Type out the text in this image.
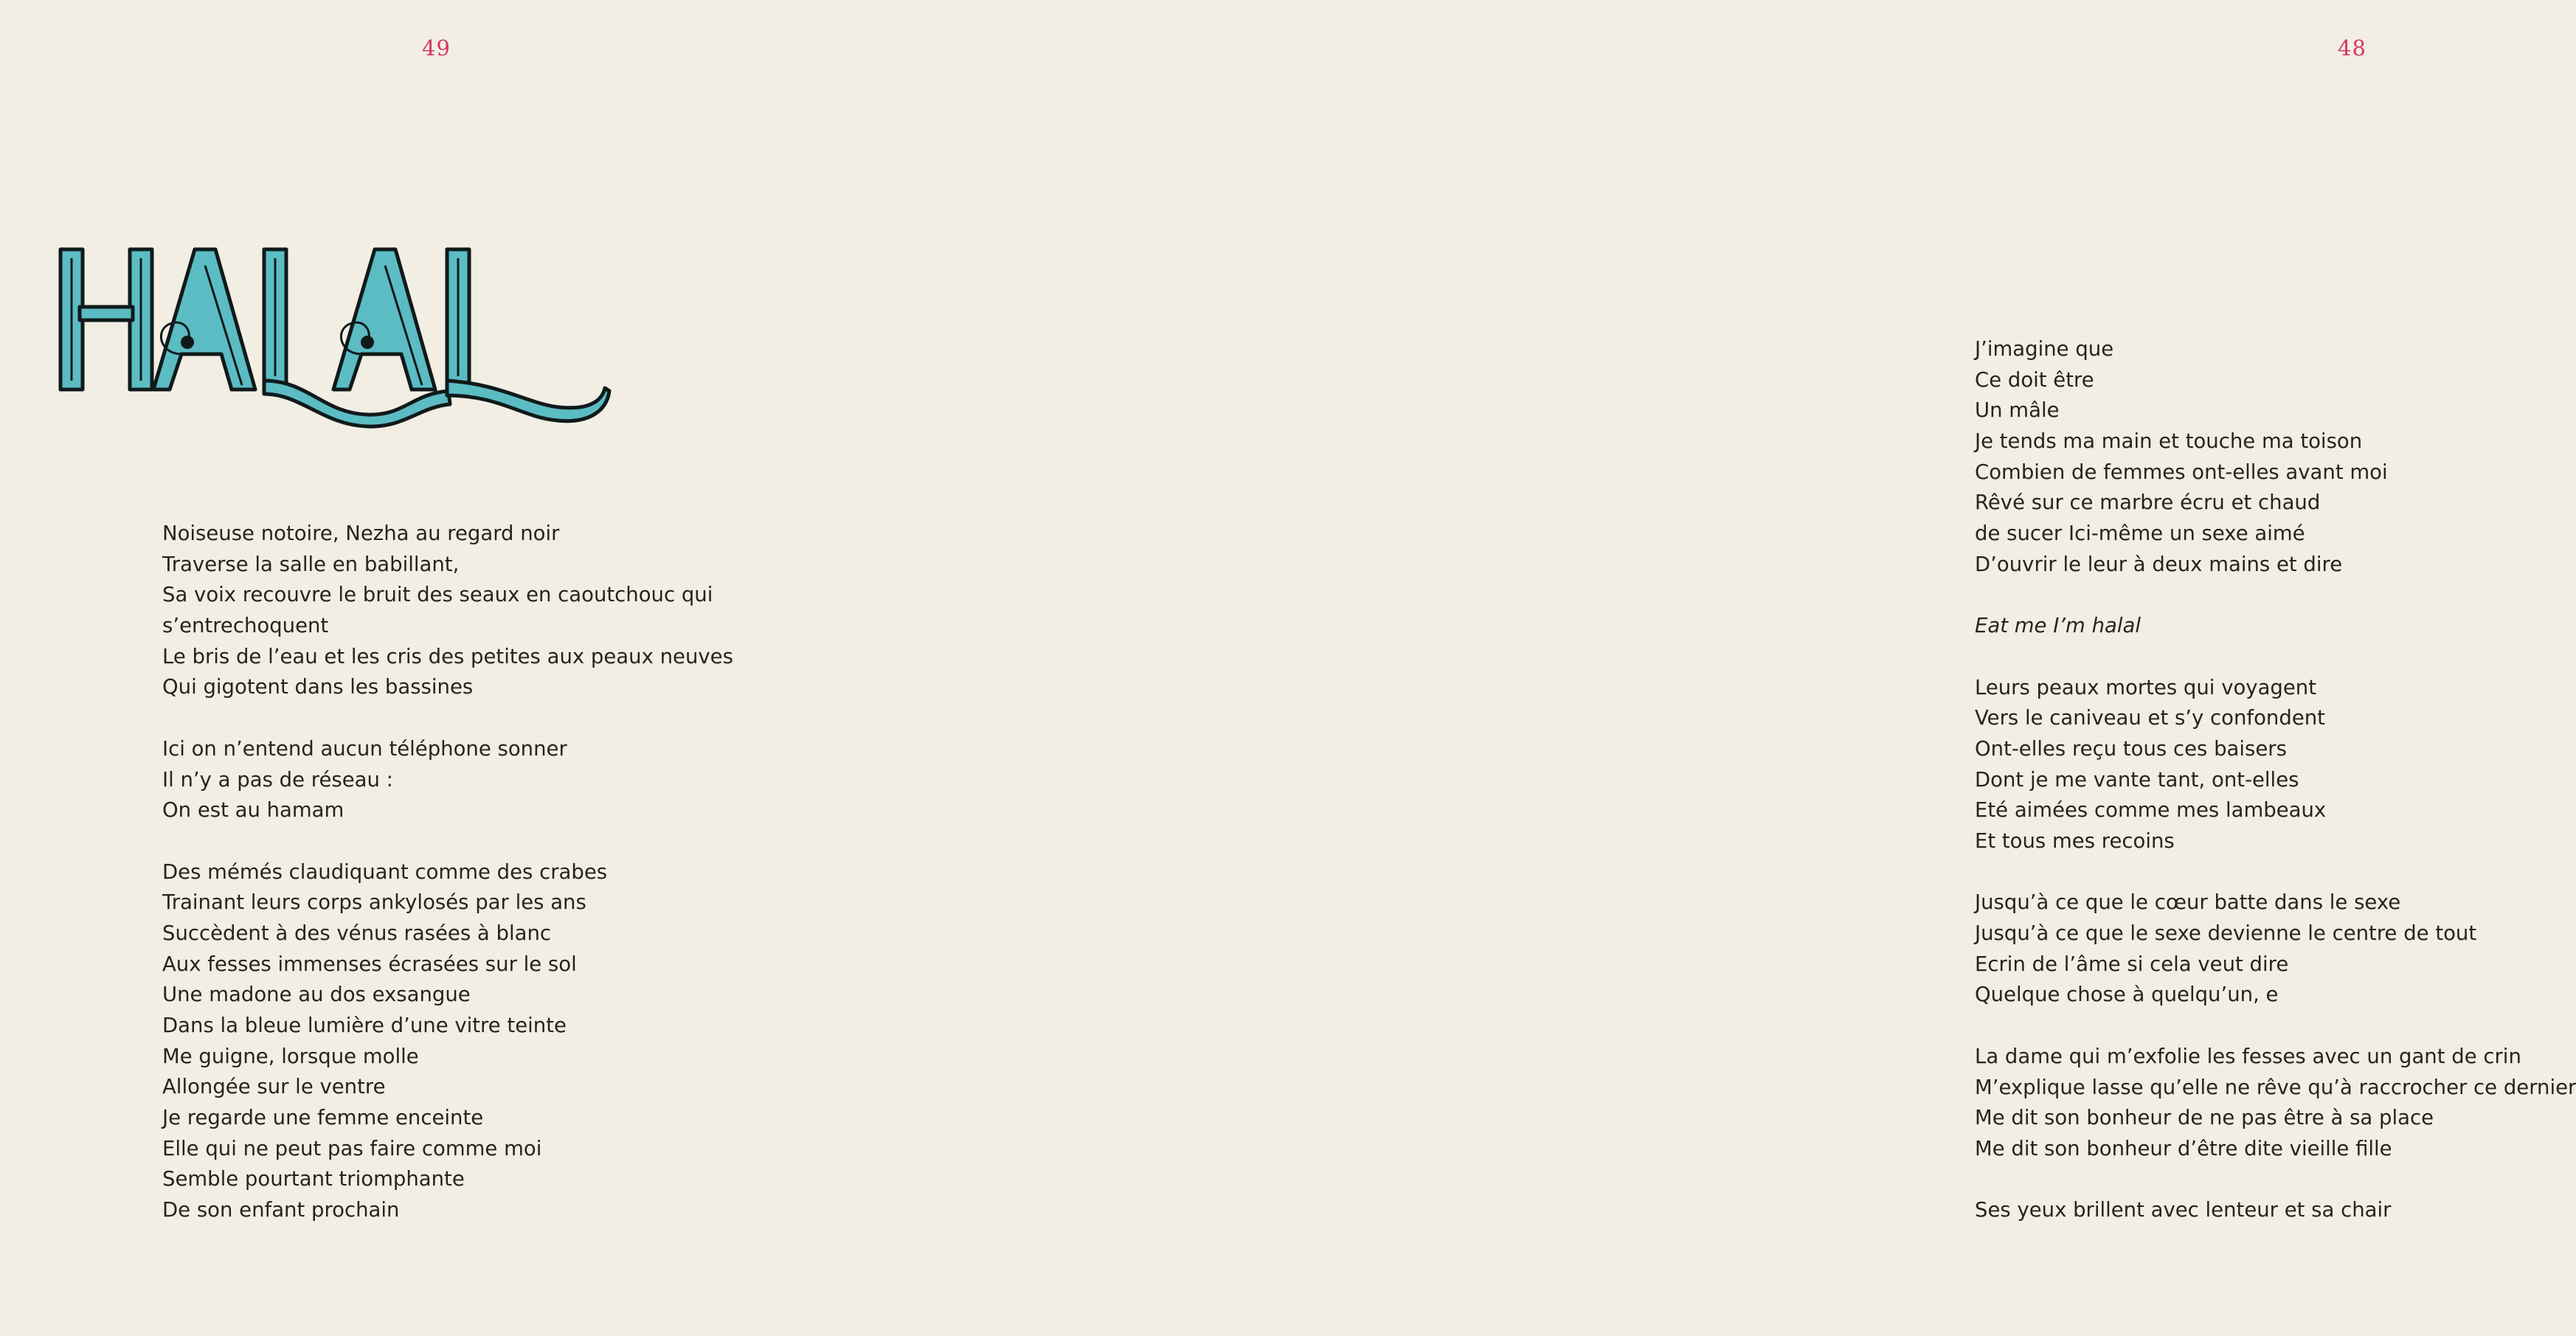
49
Noiseuse notoire, Nezha au regard noir
Traverse la salle en babillant,
Sa voix recouvre le bruit des seaux en caoutchouc qui
s’entrechoquent
Le bris de l’eau et les cris des petites aux peaux neuves
Qui gigotent dans les bassines
Ici on n’entend aucun téléphone sonner
Il n’y a pas de réseau :
On est au hamam
Des mémés claudiquant comme des crabes
Trainant leurs corps ankylosés par les ans
Succèdent à des vénus rasées à blanc
Aux fesses immenses écrasées sur le sol
Une madone au dos exsangue
Dans la bleue lumière d’une vitre teinte
Me guigne, lorsque molle
Allongée sur le ventre
Je regarde une femme enceinte
Elle qui ne peut pas faire comme moi
Semble pourtant triomphante
De son enfant prochain
48
J’imagine que
Ce doit être
Un mâle
Je tends ma main et touche ma toison
Combien de femmes ont-elles avant moi
Rêvé sur ce marbre écru et chaud
de sucer Ici-même un sexe aimé
D’ouvrir le leur à deux mains et dire
Eat me I’m halal
Leurs peaux mortes qui voyagent
Vers le caniveau et s’y confondent
Ont-elles reçu tous ces baisers
Dont je me vante tant, ont-elles
Eté aimées comme mes lambeaux
Et tous mes recoins
Jusqu’à ce que le cœur batte dans le sexe
Jusqu’à ce que le sexe devienne le centre de tout
Ecrin de l’âme si cela veut dire
Quelque chose à quelqu’un, e
La dame qui m’exfolie les fesses avec un gant de crin
M’explique lasse qu’elle ne rêve qu’à raccrocher ce dernier
Me dit son bonheur de ne pas être à sa place
Me dit son bonheur d’être dite vieille fille
Ses yeux brillent avec lenteur et sa chair
